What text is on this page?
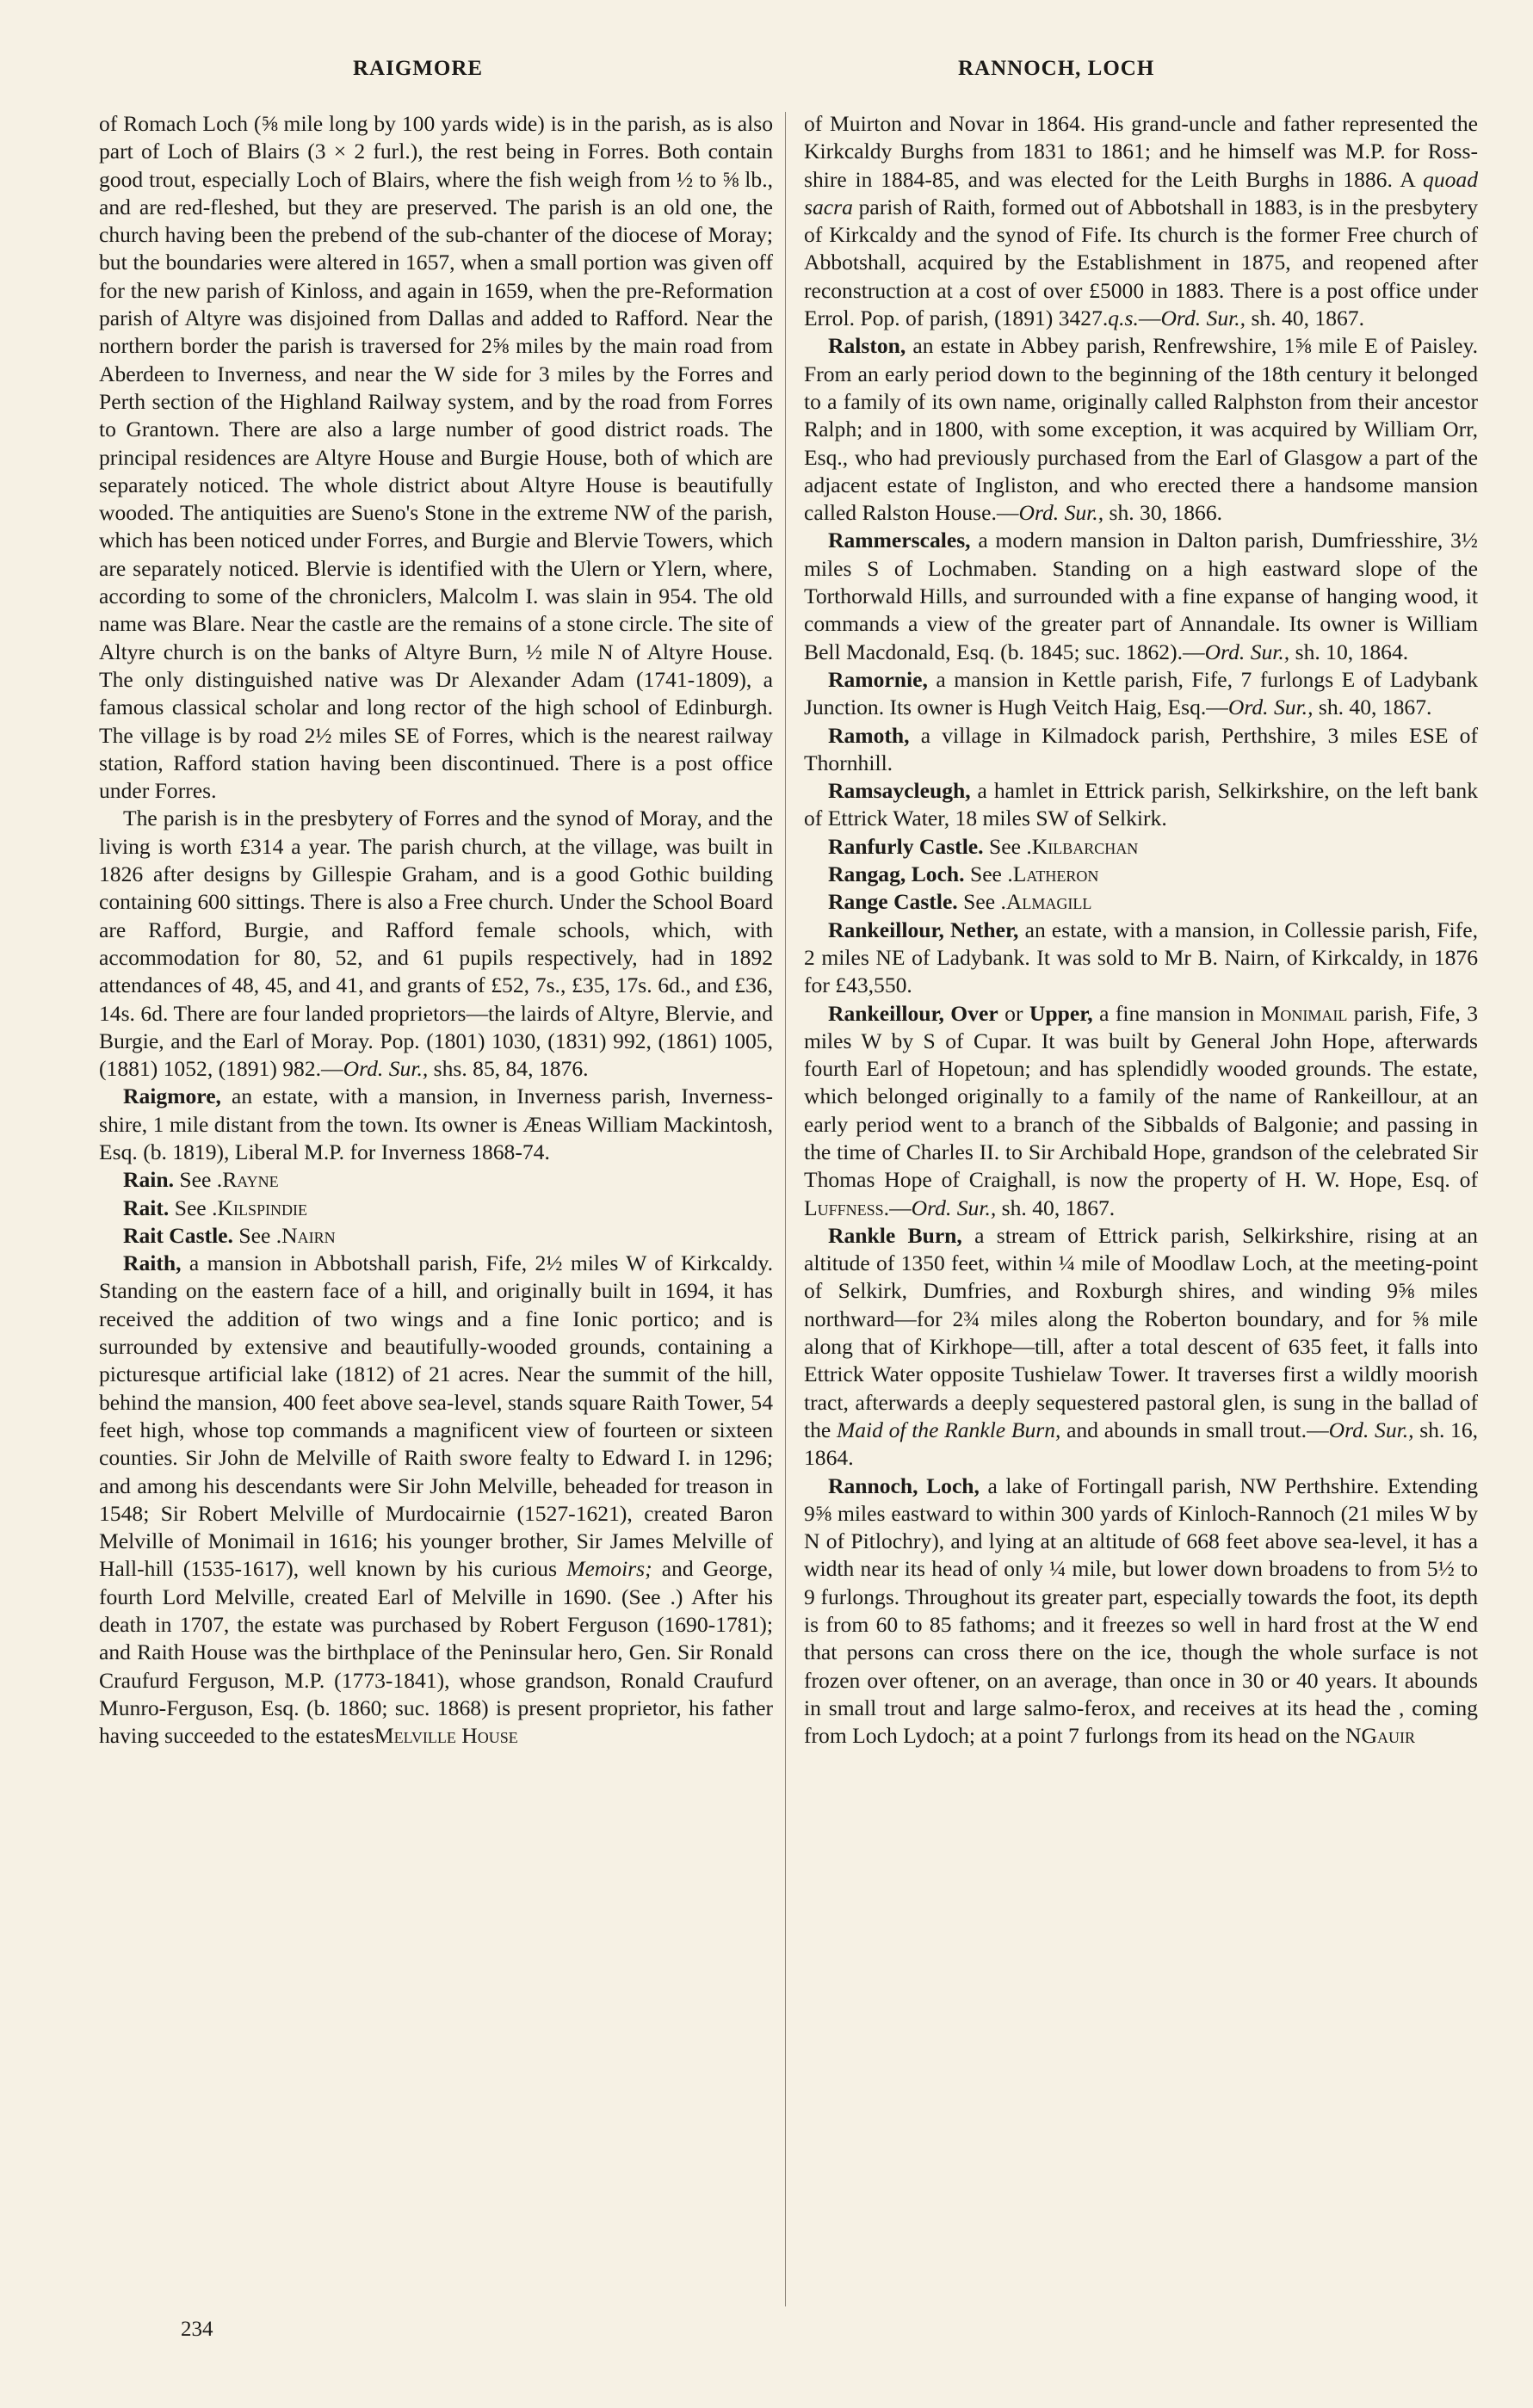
RAIGMORE	RANNOCH, LOCH

of Romach Loch (⅝ mile long by 100 yards wide) is in the parish, as is also part of Loch of Blairs (3 × 2 furl.), the rest being in Forres. Both contain good trout, especially Loch of Blairs, where the fish weigh from ½ to ⅝ lb., and are red-fleshed, but they are preserved. The parish is an old one, the church having been the prebend of the sub-chanter of the diocese of Moray; but the boundaries were altered in 1657, when a small portion was given off for the new parish of Kinloss, and again in 1659, when the pre-Reformation parish of Altyre was disjoined from Dallas and added to Rafford. Near the northern border the parish is traversed for 2⅝ miles by the main road from Aberdeen to Inverness, and near the W side for 3 miles by the Forres and Perth section of the Highland Railway system, and by the road from Forres to Grantown. There are also a large number of good district roads. The principal residences are Altyre House and Burgie House, both of which are separately noticed. The whole district about Altyre House is beautifully wooded. The antiquities are Sueno's Stone in the extreme NW of the parish, which has been noticed under Forres, and Burgie and Blervie Towers, which are separately noticed. Blervie is identified with the Ulern or Ylern, where, according to some of the chroniclers, Malcolm I. was slain in 954. The old name was Blare. Near the castle are the remains of a stone circle. The site of Altyre church is on the banks of Altyre Burn, ½ mile N of Altyre House. The only distinguished native was Dr Alexander Adam (1741-1809), a famous classical scholar and long rector of the high school of Edinburgh. The village is by road 2½ miles SE of Forres, which is the nearest railway station, Rafford station having been discontinued. There is a post office under Forres.

The parish is in the presbytery of Forres and the synod of Moray, and the living is worth £314 a year. The parish church, at the village, was built in 1826 after designs by Gillespie Graham, and is a good Gothic building containing 600 sittings. There is also a Free church. Under the School Board are Rafford, Burgie, and Rafford female schools, which, with accommodation for 80, 52, and 61 pupils respectively, had in 1892 attendances of 48, 45, and 41, and grants of £52, 7s., £35, 17s. 6d., and £36, 14s. 6d. There are four landed proprietors—the lairds of Altyre, Blervie, and Burgie, and the Earl of Moray. Pop. (1801) 1030, (1831) 992, (1861) 1005, (1881) 1052, (1891) 982.—Ord. Sur., shs. 85, 84, 1876.

Raigmore, an estate, with a mansion, in Inverness parish, Inverness-shire, 1 mile distant from the town. Its owner is Æneas William Mackintosh, Esq. (b. 1819), Liberal M.P. for Inverness 1868-74.

Rain. See .Rayne

Rait. See .Kilspindie

Rait Castle. See .Nairn

Raith, a mansion in Abbotshall parish, Fife, 2½ miles W of Kirkcaldy. Standing on the eastern face of a hill, and originally built in 1694, it has received the addition of two wings and a fine Ionic portico; and is surrounded by extensive and beautifully-wooded grounds, containing a picturesque artificial lake (1812) of 21 acres. Near the summit of the hill, behind the mansion, 400 feet above sea-level, stands square Raith Tower, 54 feet high, whose top commands a magnificent view of fourteen or sixteen counties. Sir John de Melville of Raith swore fealty to Edward I. in 1296; and among his descendants were Sir John Melville, beheaded for treason in 1548; Sir Robert Melville of Murdocairnie (1527-1621), created Baron Melville of Monimail in 1616; his younger brother, Sir James Melville of Hall-hill (1535-1617), well known by his curious Memoirs; and George, fourth Lord Melville, created Earl of Melville in 1690. (See .) After his death in 1707, the estate was purchased by Robert Ferguson (1690-1781); and Raith House was the birthplace of the Peninsular hero, Gen. Sir Ronald Craufurd Ferguson, M.P. (1773-1841), whose grandson, Ronald Craufurd Munro-Ferguson, Esq. (b. 1860; suc. 1868) is present proprietor, his father having succeeded to the estatesMelville House

of Muirton and Novar in 1864. His grand-uncle and father represented the Kirkcaldy Burghs from 1831 to 1861; and he himself was M.P. for Ross-shire in 1884-85, and was elected for the Leith Burghs in 1886. A quoad sacra parish of Raith, formed out of Abbotshall in 1883, is in the presbytery of Kirkcaldy and the synod of Fife. Its church is the former Free church of Abbotshall, acquired by the Establishment in 1875, and reopened after reconstruction at a cost of over £5000 in 1883. There is a post office under Errol. Pop. of parish, (1891) 3427.q.s.—Ord. Sur., sh. 40, 1867.

Ralston, an estate in Abbey parish, Renfrewshire, 1⅝ mile E of Paisley. From an early period down to the beginning of the 18th century it belonged to a family of its own name, originally called Ralphston from their ancestor Ralph; and in 1800, with some exception, it was acquired by William Orr, Esq., who had previously purchased from the Earl of Glasgow a part of the adjacent estate of Ingliston, and who erected there a handsome mansion called Ralston House.—Ord. Sur., sh. 30, 1866.

Rammerscales, a modern mansion in Dalton parish, Dumfriesshire, 3½ miles S of Lochmaben. Standing on a high eastward slope of the Torthorwald Hills, and surrounded with a fine expanse of hanging wood, it commands a view of the greater part of Annandale. Its owner is William Bell Macdonald, Esq. (b. 1845; suc. 1862).—Ord. Sur., sh. 10, 1864.

Ramornie, a mansion in Kettle parish, Fife, 7 furlongs E of Ladybank Junction. Its owner is Hugh Veitch Haig, Esq.—Ord. Sur., sh. 40, 1867.

Ramoth, a village in Kilmadock parish, Perthshire, 3 miles ESE of Thornhill.

Ramsaycleugh, a hamlet in Ettrick parish, Selkirkshire, on the left bank of Ettrick Water, 18 miles SW of Selkirk.

Ranfurly Castle. See .Kilbarchan

Rangag, Loch. See .Latheron

Range Castle. See .Almagill

Rankeillour, Nether, an estate, with a mansion, in Collessie parish, Fife, 2 miles NE of Ladybank. It was sold to Mr B. Nairn, of Kirkcaldy, in 1876 for £43,550.

Rankeillour, Over or Upper, a fine mansion in Monimail parish, Fife, 3 miles W by S of Cupar. It was built by General John Hope, afterwards fourth Earl of Hopetoun; and has splendidly wooded grounds. The estate, which belonged originally to a family of the name of Rankeillour, at an early period went to a branch of the Sibbalds of Balgonie; and passing in the time of Charles II. to Sir Archibald Hope, grandson of the celebrated Sir Thomas Hope of Craighall, is now the property of H. W. Hope, Esq. of Luffness.—Ord. Sur., sh. 40, 1867.

Rankle Burn, a stream of Ettrick parish, Selkirkshire, rising at an altitude of 1350 feet, within ¼ mile of Moodlaw Loch, at the meeting-point of Selkirk, Dumfries, and Roxburgh shires, and winding 9⅝ miles northward—for 2¾ miles along the Roberton boundary, and for ⅝ mile along that of Kirkhope—till, after a total descent of 635 feet, it falls into Ettrick Water opposite Tushielaw Tower. It traverses first a wildly moorish tract, afterwards a deeply sequestered pastoral glen, is sung in the ballad of the Maid of the Rankle Burn, and abounds in small trout.—Ord. Sur., sh. 16, 1864.

Rannoch, Loch, a lake of Fortingall parish, NW Perthshire. Extending 9⅝ miles eastward to within 300 yards of Kinloch-Rannoch (21 miles W by N of Pitlochry), and lying at an altitude of 668 feet above sea-level, it has a width near its head of only ¼ mile, but lower down broadens to from 5½ to 9 furlongs. Throughout its greater part, especially towards the foot, its depth is from 60 to 85 fathoms; and it freezes so well in hard frost at the W end that persons can cross there on the ice, though the whole surface is not frozen over oftener, on an average, than once in 30 or 40 years. It abounds in small trout and large salmo-ferox, and receives at its head the , coming from Loch Lydoch; at a point 7 furlongs from its head on the NGauir

234
